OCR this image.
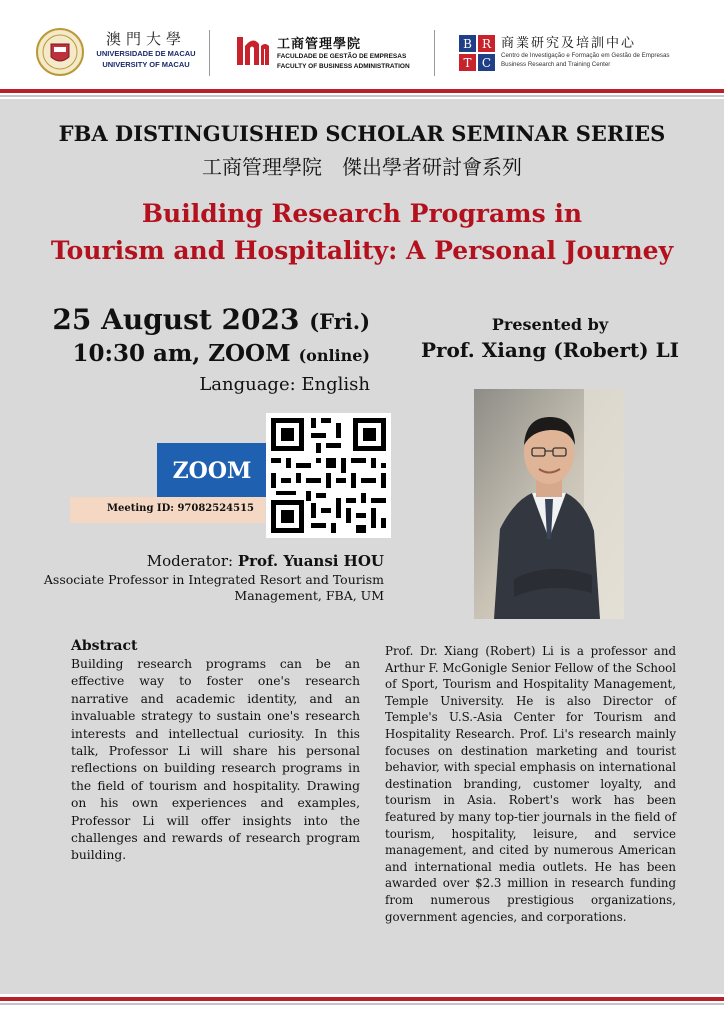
澳門大學
UNIVERSIDADE DE MACAU
UNIVERSITY OF MACAU
工商管理學院
FACULDADE DE GESTÃO DE EMPRESAS
FACULTY OF BUSINESS ADMINISTRATION
B R
T C
商業研究及培訓中心
Centro de Investigação e Formação em Gestão de Empresas
Business Research and Training Center
FBA DISTINGUISHED SCHOLAR SEMINAR SERIES
工商管理學院　傑出學者研討會系列
Building Research Programs in
Tourism and Hospitality: A Personal Journey
25 August 2023 (Fri.)
10:30 am, ZOOM (online)
Language: English
Presented by
Prof. Xiang (Robert) LI
ZOOM
Meeting ID: 97082524515
Moderator: Prof. Yuansi HOU
Associate Professor in Integrated Resort and Tourism
Management, FBA, UM
Abstract
Building research programs can be an effective way to foster one's research narrative and academic identity, and an invaluable strategy to sustain one's research interests and intellectual curiosity. In this talk, Professor Li will share his personal reflections on building research programs in the field of tourism and hospitality. Drawing on his own experiences and examples, Professor Li will offer insights into the challenges and rewards of research program building.
Prof. Dr. Xiang (Robert) Li is a professor and Arthur F. McGonigle Senior Fellow of the School of Sport, Tourism and Hospitality Management, Temple University. He is also Director of Temple's U.S.-Asia Center for Tourism and Hospitality Research. Prof. Li's research mainly focuses on destination marketing and tourist behavior, with special emphasis on international destination branding, customer loyalty, and tourism in Asia. Robert's work has been featured by many top-tier journals in the field of tourism, hospitality, leisure, and service management, and cited by numerous American and international media outlets. He has been awarded over $2.3 million in research funding from numerous prestigious organizations, government agencies, and corporations.
